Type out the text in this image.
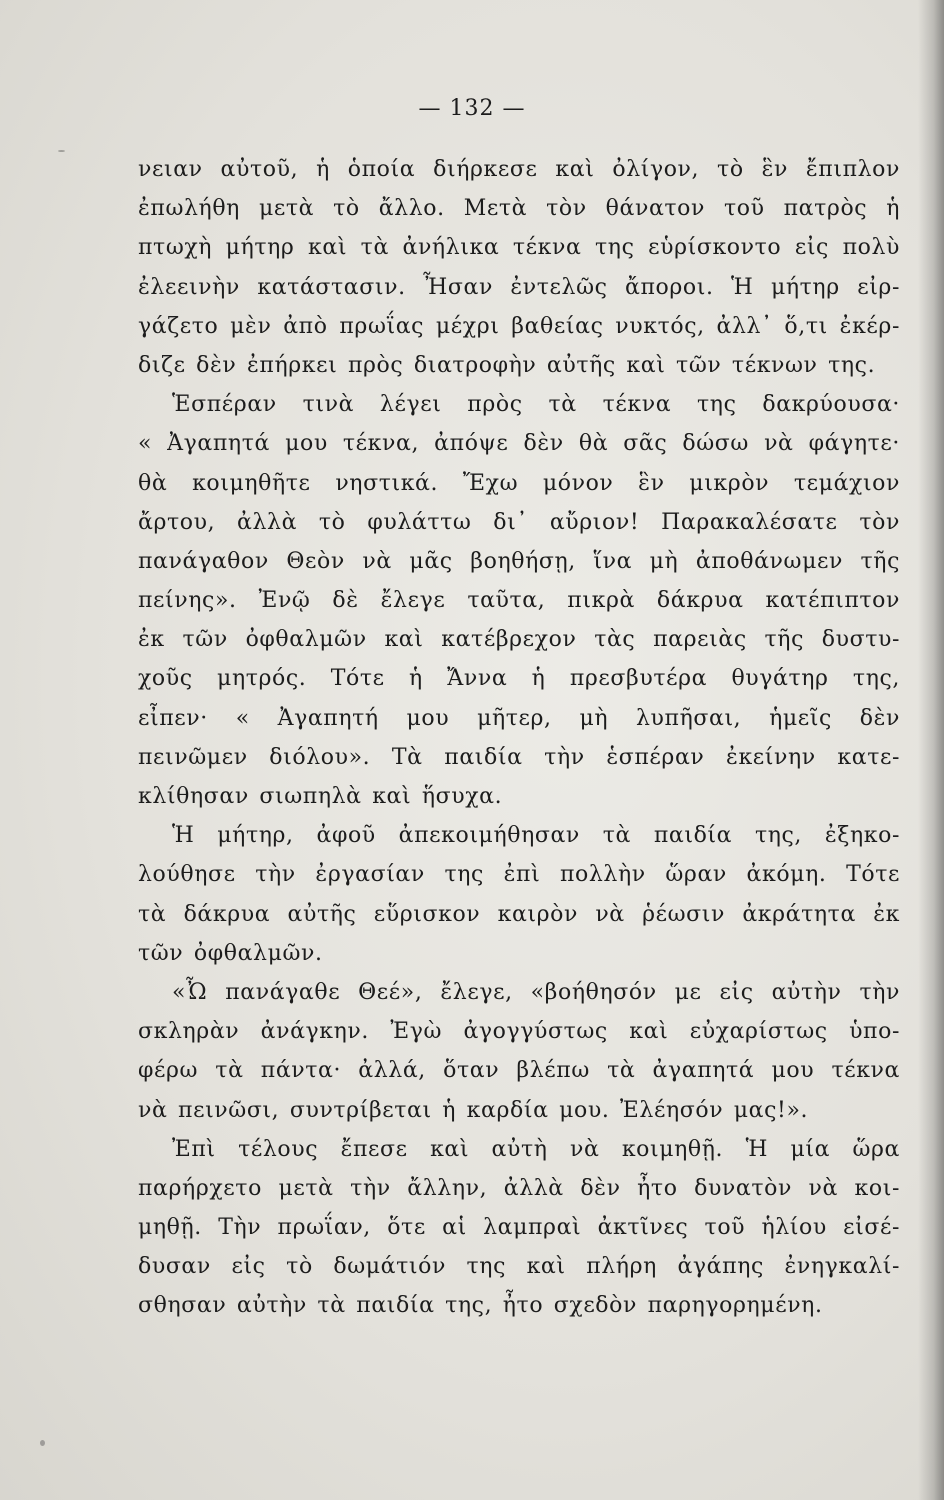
— 132 —
νειαν αὐτοῦ, ἡ ὁποία διήρκεσε καὶ ὀλίγον, τὸ ἓν ἔπιπλον
ἐπωλήθη μετὰ τὸ ἄλλο. Μετὰ τὸν θάνατον τοῦ πατρὸς ἡ
πτωχὴ μήτηρ καὶ τὰ ἀνήλικα τέκνα της εὑρίσκοντο εἰς πολὺ
ἐλεεινὴν κατάστασιν. Ἦσαν ἐντελῶς ἄποροι. Ἡ μήτηρ εἰρ-
γάζετο μὲν ἀπὸ πρωΐας μέχρι βαθείας νυκτός, ἀλλ᾽ ὅ,τι ἐκέρ-
διζε δὲν ἐπήρκει πρὸς διατροφὴν αὐτῆς καὶ τῶν τέκνων της.
Ἑσπέραν τινὰ λέγει πρὸς τὰ τέκνα της δακρύουσα·
« Ἀγαπητά μου τέκνα, ἀπόψε δὲν θὰ σᾶς δώσω νὰ φάγητε·
θὰ κοιμηθῆτε νηστικά. Ἔχω μόνον ἓν μικρὸν τεμάχιον
ἄρτου, ἀλλὰ τὸ φυλάττω δι᾽ αὔριον! Παρακαλέσατε τὸν
πανάγαθον Θεὸν νὰ μᾶς βοηθήσῃ, ἵνα μὴ ἀποθάνωμεν τῆς
πείνης». Ἐνῷ δὲ ἔλεγε ταῦτα, πικρὰ δάκρυα κατέπιπτον
ἐκ τῶν ὀφθαλμῶν καὶ κατέβρεχον τὰς παρειὰς τῆς δυστυ-
χοῦς μητρός. Τότε ἡ Ἄννα ἡ πρεσβυτέρα θυγάτηρ της,
εἶπεν· « Ἀγαπητή μου μῆτερ, μὴ λυπῆσαι, ἡμεῖς δὲν
πεινῶμεν διόλου». Τὰ παιδία τὴν ἑσπέραν ἐκείνην κατε-
κλίθησαν σιωπηλὰ καὶ ἥσυχα.
Ἡ μήτηρ, ἀφοῦ ἀπεκοιμήθησαν τὰ παιδία της, ἐξηκο-
λούθησε τὴν ἐργασίαν της ἐπὶ πολλὴν ὥραν ἀκόμη. Τότε
τὰ δάκρυα αὐτῆς εὕρισκον καιρὸν νὰ ῥέωσιν ἀκράτητα ἐκ
τῶν ὀφθαλμῶν.
«Ὦ πανάγαθε Θεέ», ἔλεγε, «βοήθησόν με εἰς αὐτὴν τὴν
σκληρὰν ἀνάγκην. Ἐγὼ ἀγογγύστως καὶ εὐχαρίστως ὑπο-
φέρω τὰ πάντα· ἀλλά, ὅταν βλέπω τὰ ἀγαπητά μου τέκνα
νὰ πεινῶσι, συντρίβεται ἡ καρδία μου. Ἐλέησόν μας!».
Ἐπὶ τέλους ἔπεσε καὶ αὐτὴ νὰ κοιμηθῇ. Ἡ μία ὥρα
παρήρχετο μετὰ τὴν ἄλλην, ἀλλὰ δὲν ἦτο δυνατὸν νὰ κοι-
μηθῇ. Τὴν πρωΐαν, ὅτε αἱ λαμπραὶ ἀκτῖνες τοῦ ἡλίου εἰσέ-
δυσαν εἰς τὸ δωμάτιόν της καὶ πλήρη ἀγάπης ἐνηγκαλί-
σθησαν αὐτὴν τὰ παιδία της, ἦτο σχεδὸν παρηγορημένη.
